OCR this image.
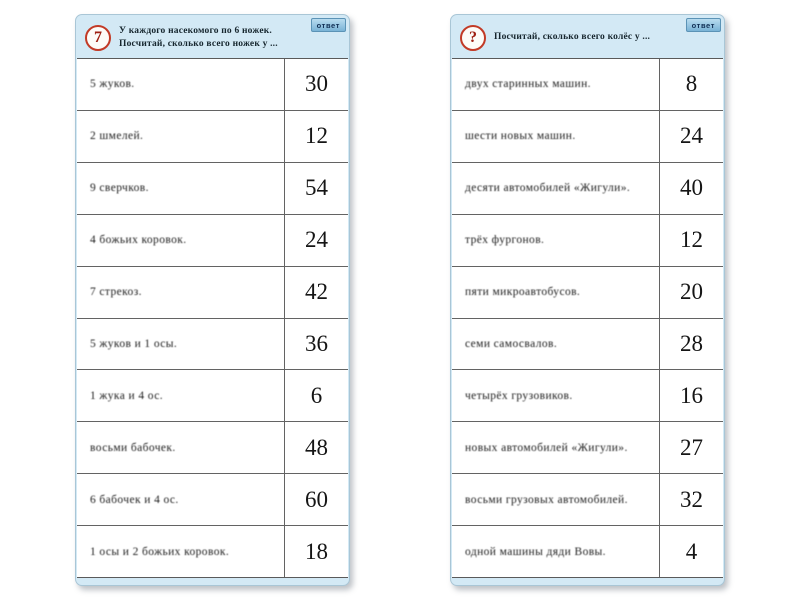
ответ
7	У каждого насекомого по 6 ножек.
Посчитай, сколько всего ножек у ...
5 жуков.	30
2 шмелей.	12
9 сверчков.	54
4 божьих коровок.	24
7 стрекоз.	42
5 жуков и 1 осы.	36
1 жука и 4 ос.	6
восьми бабочек.	48
6 бабочек и 4 ос.	60
1 осы и 2 божьих коровок.	18
ответ
?	Посчитай, сколько всего колёс у ...
двух старинных машин.	8
шести новых машин.	24
десяти автомобилей «Жигули».	40
трёх фургонов.	12
пяти микроавтобусов.	20
семи самосвалов.	28
четырёх грузовиков.	16
новых автомобилей «Жигули».	27
восьми грузовых автомобилей.	32
одной машины дяди Вовы.	4
